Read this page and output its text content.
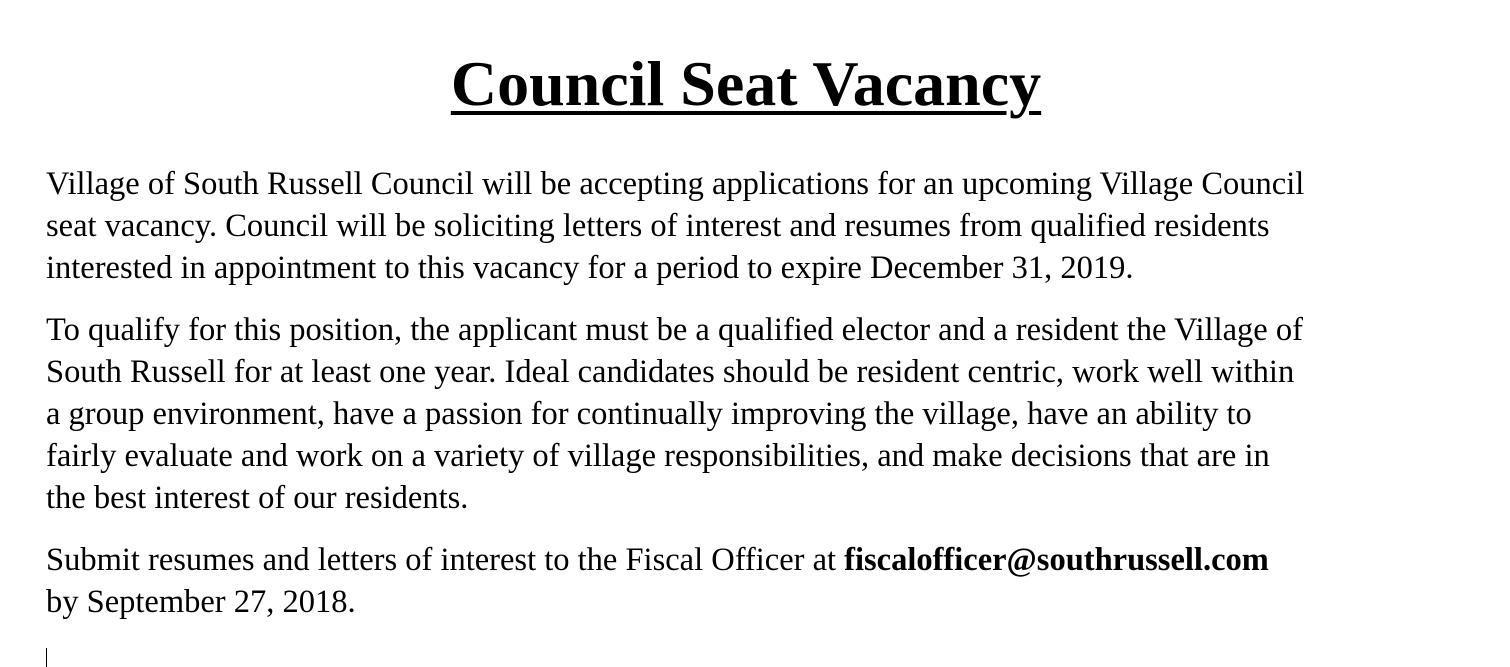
Council Seat Vacancy

Village of South Russell Council will be accepting applications for an upcoming Village Council
seat vacancy. Council will be soliciting letters of interest and resumes from qualified residents
interested in appointment to this vacancy for a period to expire December 31, 2019.

To qualify for this position, the applicant must be a qualified elector and a resident the Village of
South Russell for at least one year. Ideal candidates should be resident centric, work well within
a group environment, have a passion for continually improving the village, have an ability to
fairly evaluate and work on a variety of village responsibilities, and make decisions that are in
the best interest of our residents.

Submit resumes and letters of interest to the Fiscal Officer at fiscalofficer@southrussell.com
by September 27, 2018.
